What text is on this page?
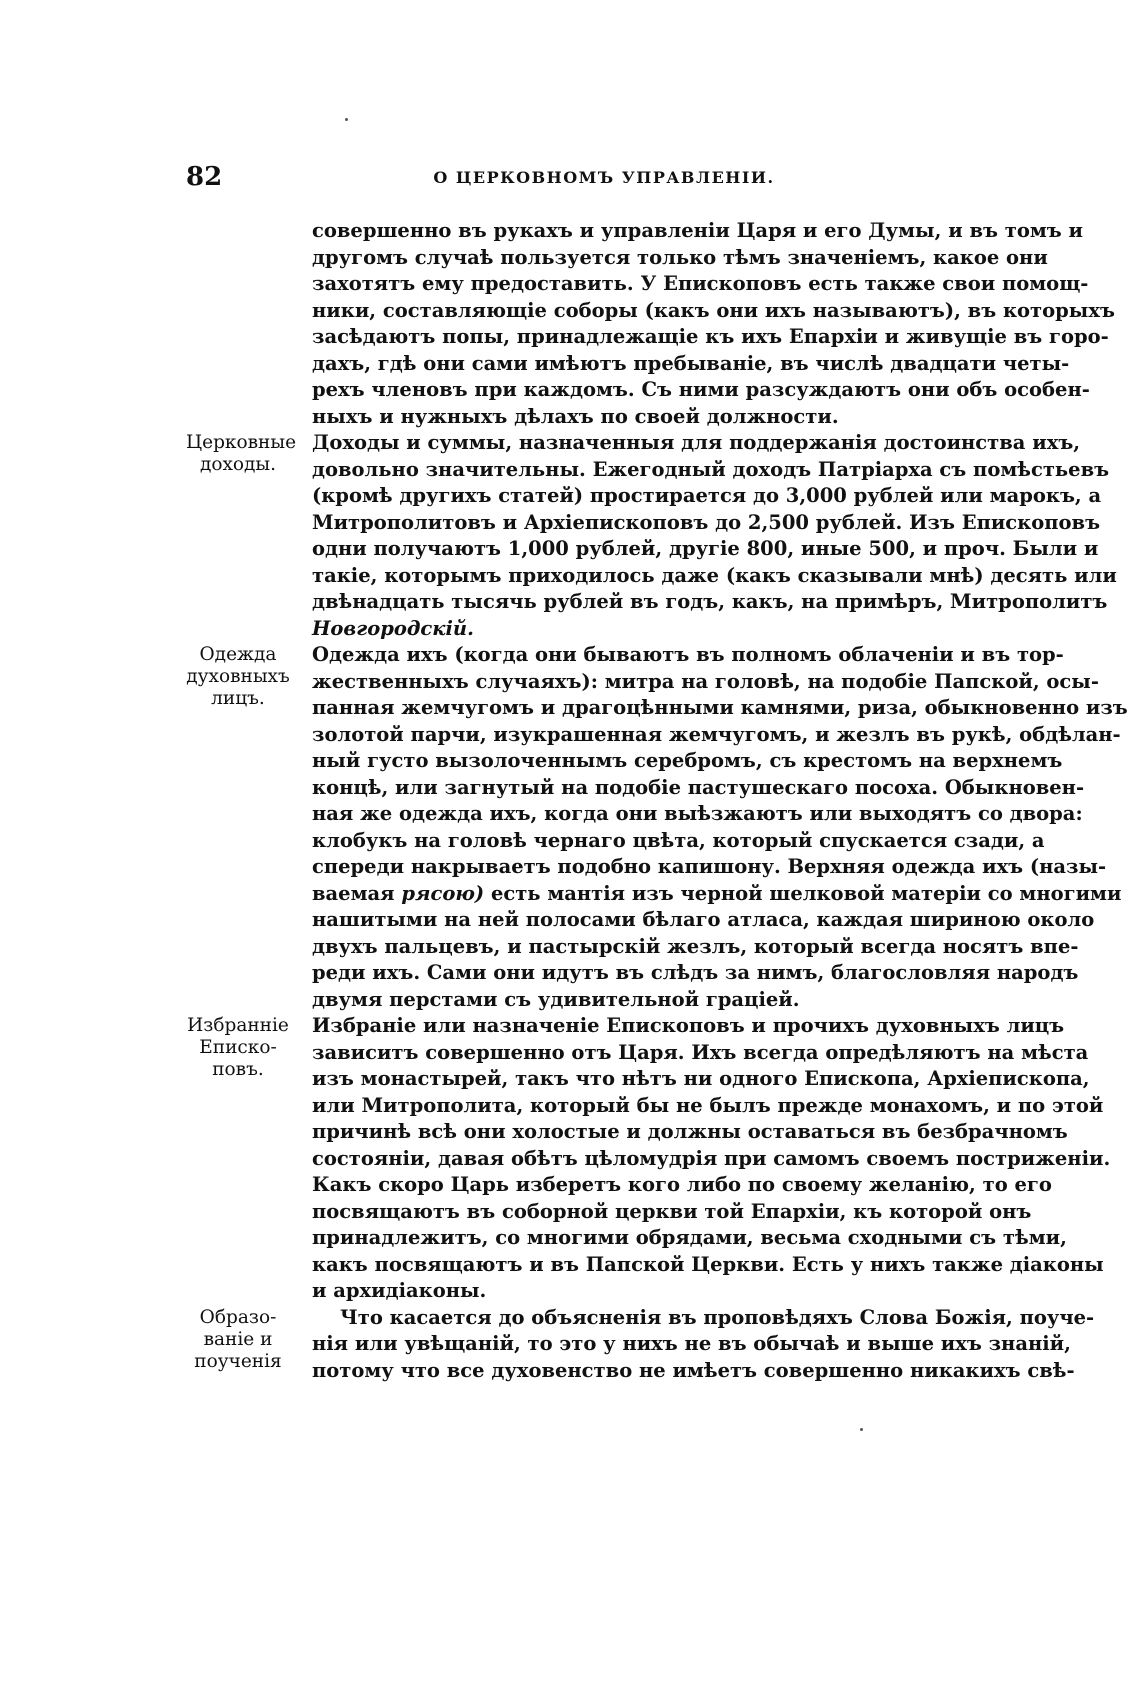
82	О ЦЕРКОВНОМЪ УПРАВЛЕНІИ.
совершенно въ рукахъ и управленіи Царя и его Думы, и въ томъ и
другомъ случаѣ пользуется только тѣмъ значеніемъ, какое они
захотятъ ему предоставить. У Епископовъ есть также свои помощ-
ники, составляющіе соборы (какъ они ихъ называютъ), въ которыхъ
засѣдаютъ попы, принадлежащіе къ ихъ Епархіи и живущіе въ горо-
дахъ, гдѣ они сами имѣютъ пребываніе, въ числѣ двадцати четы-
рехъ членовъ при каждомъ. Съ ними разсуждаютъ они объ особен-
ныхъ и нужныхъ дѣлахъ по своей должности.
Церковные доходы.
Доходы и суммы, назначенныя для поддержанія достоинства ихъ,
довольно значительны. Ежегодный доходъ Патріарха съ помѣстьевъ
(кромѣ другихъ статей) простирается до 3,000 рублей или марокъ, а
Митрополитовъ и Архіепископовъ до 2,500 рублей. Изъ Епископовъ
одни получаютъ 1,000 рублей, другіе 800, иные 500, и проч. Были и
такіе, которымъ приходилось даже (какъ сказывали мнѣ) десять или
двѣнадцать тысячь рублей въ годъ, какъ, на примѣръ, Митрополитъ
Новгородскій.
Одежда духовныхъ лицъ.
Одежда ихъ (когда они бываютъ въ полномъ облаченіи и въ тор-
жественныхъ случаяхъ): митра на головѣ, на подобіе Папской, осы-
панная жемчугомъ и драгоцѣнными камнями, риза, обыкновенно изъ
золотой парчи, изукрашенная жемчугомъ, и жезлъ въ рукѣ, обдѣлан-
ный густо вызолоченнымъ серебромъ, съ крестомъ на верхнемъ
концѣ, или загнутый на подобіе пастушескаго посоха. Обыкновен-
ная же одежда ихъ, когда они выѣзжаютъ или выходятъ со двора:
клобукъ на головѣ чернаго цвѣта, который спускается сзади, а
спереди накрываетъ подобно капишону. Верхняя одежда ихъ (назы-
ваемая рясою) есть мантія изъ черной шелковой матеріи со многими
нашитыми на ней полосами бѣлаго атласа, каждая шириною около
двухъ пальцевъ, и пастырскій жезлъ, который всегда носятъ впе-
реди ихъ. Сами они идутъ въ слѣдъ за нимъ, благословляя народъ
двумя перстами съ удивительной граціей.
Избранніе Еписко-повъ.
Избраніе или назначеніе Епископовъ и прочихъ духовныхъ лицъ
зависитъ совершенно отъ Царя. Ихъ всегда опредѣляютъ на мѣста
изъ монастырей, такъ что нѣтъ ни одного Епископа, Архіепископа,
или Митрополита, который бы не былъ прежде монахомъ, и по этой
причинѣ всѣ они холостые и должны оставаться въ безбрачномъ
состояніи, давая обѣтъ цѣломудрія при самомъ своемъ постриженіи.
Какъ скоро Царь изберетъ кого либо по своему желанію, то его
посвящаютъ въ соборной церкви той Епархіи, къ которой онъ
принадлежитъ, со многими обрядами, весьма сходными съ тѣми,
какъ посвящаютъ и въ Папской Церкви. Есть у нихъ также діаконы
и архидіаконы.
Образо-ваніе и поученія
Что касается до объясненія въ проповѣдяхъ Слова Божія, поуче-
нія или увѣщаній, то это у нихъ не въ обычаѣ и выше ихъ знаній,
потому что все духовенство не имѣетъ совершенно никакихъ свѣ-
